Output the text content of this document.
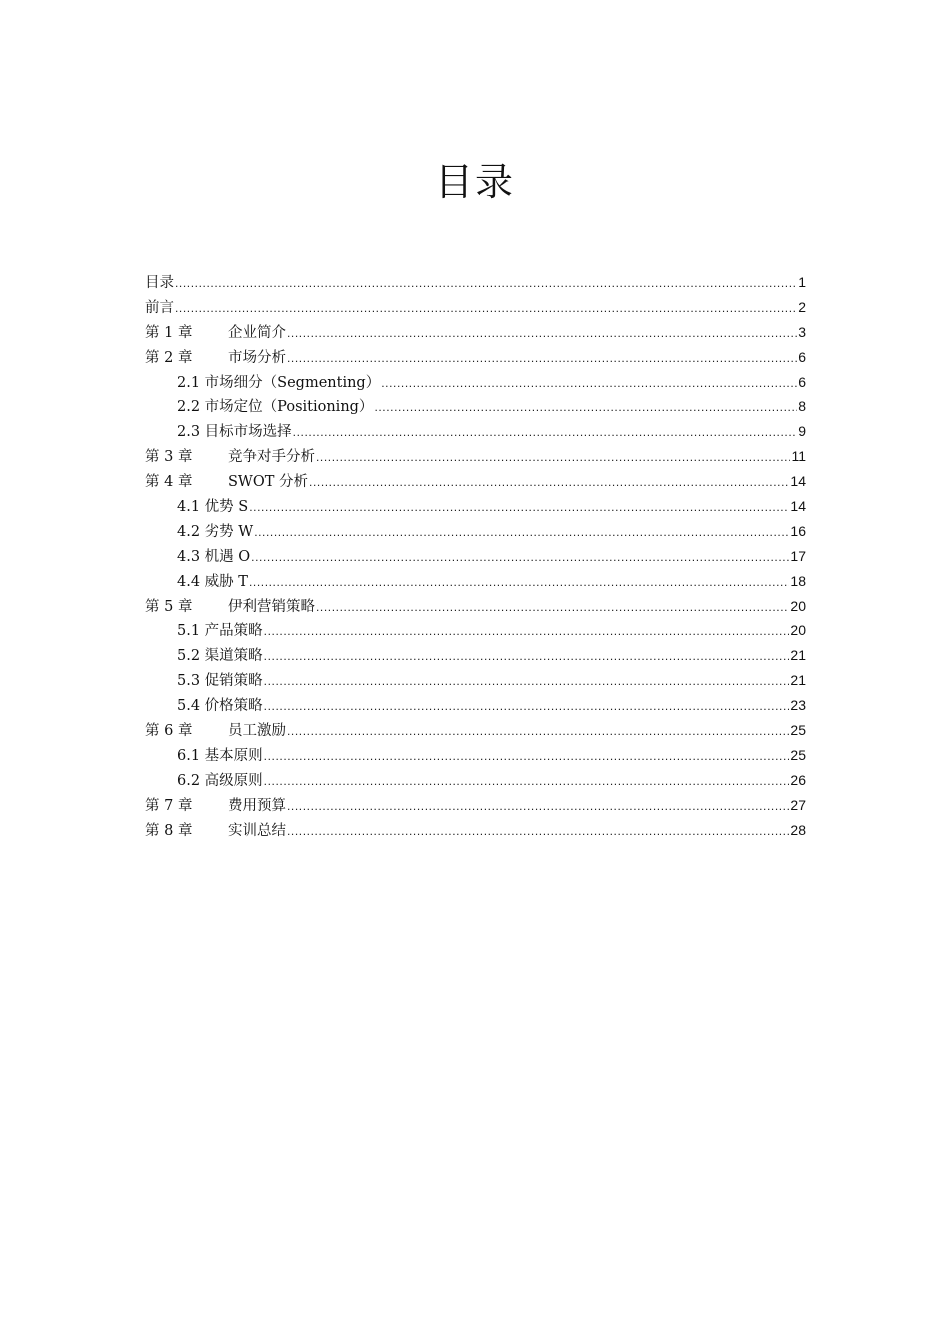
目录
目录 .....	1
前言 .....	2
第 1 章	企业简介 .....	3
第 2 章	市场分析 .....	6
2.1 市场细分（Segmenting） .....	6
2.2 市场定位（Positioning） .....	8
2.3 目标市场选择 .....	9
第 3 章	竞争对手分析 .....	11
第 4 章	SWOT 分析 .....	14
4.1 优势 S .....	14
4.2 劣势 W .....	16
4.3 机遇 O .....	17
4.4 威胁 T .....	18
第 5 章	伊利营销策略 .....	20
5.1 产品策略 .....	20
5.2 渠道策略 .....	21
5.3 促销策略 .....	21
5.4 价格策略 .....	23
第 6 章	员工激励 .....	25
6.1 基本原则 .....	25
6.2 高级原则 .....	26
第 7 章	费用预算 .....	27
第 8 章	实训总结 .....	28
